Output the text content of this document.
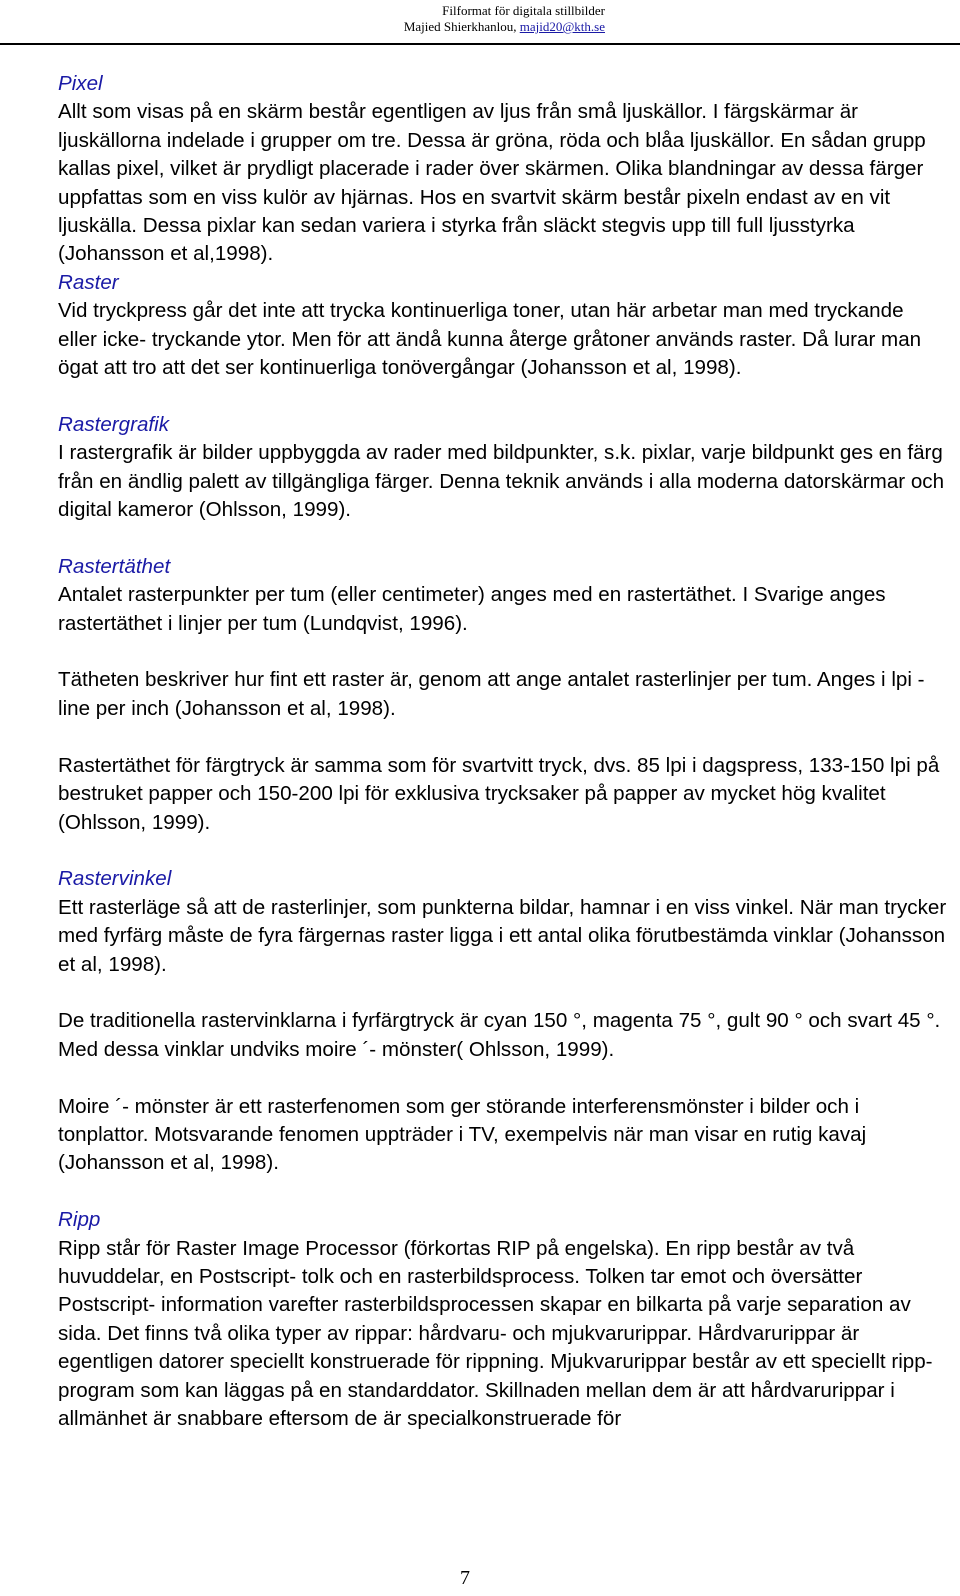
Filformat för digitala stillbilder
Majied Shierkhanlou, majid20@kth.se
Pixel

Allt som visas på en skärm består egentligen av ljus från små ljuskällor. I färgskärmar är ljuskällorna indelade i grupper om tre. Dessa är gröna, röda och blåa ljuskällor. En sådan grupp kallas pixel, vilket är prydligt placerade i rader över skärmen. Olika blandningar av dessa färger uppfattas som en viss kulör av hjärnas. Hos en svartvit skärm består pixeln endast av en vit ljuskälla. Dessa pixlar kan sedan variera i styrka från släckt stegvis upp till full ljusstyrka (Johansson et al,1998).

Raster

Vid tryckpress går det inte att trycka kontinuerliga toner, utan här arbetar man med tryckande eller icke- tryckande ytor. Men för att ändå kunna återge gråtoner används raster. Då lurar man ögat att tro att det ser kontinuerliga tonövergångar (Johansson et al, 1998).

Rastergrafik

I rastergrafik är bilder uppbyggda av rader med bildpunkter, s.k. pixlar, varje bildpunkt ges en färg från en ändlig palett av tillgängliga färger. Denna teknik används i alla moderna datorskärmar och digital kameror (Ohlsson, 1999).

Rastertäthet

Antalet rasterpunkter per tum (eller centimeter) anges med en rastertäthet. I Svarige anges rastertäthet i linjer per tum (Lundqvist, 1996).

Tätheten beskriver hur fint ett raster är, genom att ange antalet rasterlinjer per tum. Anges i lpi - line per inch (Johansson et al, 1998).

Rastertäthet för färgtryck är samma som för svartvitt tryck, dvs. 85 lpi i dagspress, 133-150 lpi på bestruket papper och 150-200 lpi för exklusiva trycksaker på papper av mycket hög kvalitet (Ohlsson, 1999).

Rastervinkel

Ett rasterläge så att de rasterlinjer, som punkterna bildar, hamnar i en viss vinkel. När man trycker med fyrfärg måste de fyra färgernas raster ligga i ett antal olika förutbestämda vinklar (Johansson et al, 1998).

De traditionella rastervinklarna i fyrfärgtryck är cyan 150 °, magenta 75 °, gult 90 ° och svart 45 °. Med dessa vinklar undviks moire ´- mönster( Ohlsson, 1999).

Moire ´- mönster är ett rasterfenomen som ger störande interferensmönster i bilder och i tonplattor. Motsvarande fenomen uppträder i TV, exempelvis när man visar en rutig kavaj (Johansson et al, 1998).

Ripp

Ripp står för Raster Image Processor (förkortas RIP på engelska). En ripp består av två huvuddelar, en Postscript- tolk och en rasterbildsprocess. Tolken tar emot och översätter Postscript- information varefter rasterbildsprocessen skapar en bilkarta på varje separation av sida. Det finns två olika typer av rippar: hårdvaru- och mjukvarurippar. Hårdvarurippar är egentligen datorer speciellt konstruerade för rippning. Mjukvarurippar består av ett speciellt ripp- program som kan läggas på en standarddator. Skillnaden mellan dem är att hårdvarurippar i allmänhet är snabbare eftersom de är specialkonstruerade för

7
